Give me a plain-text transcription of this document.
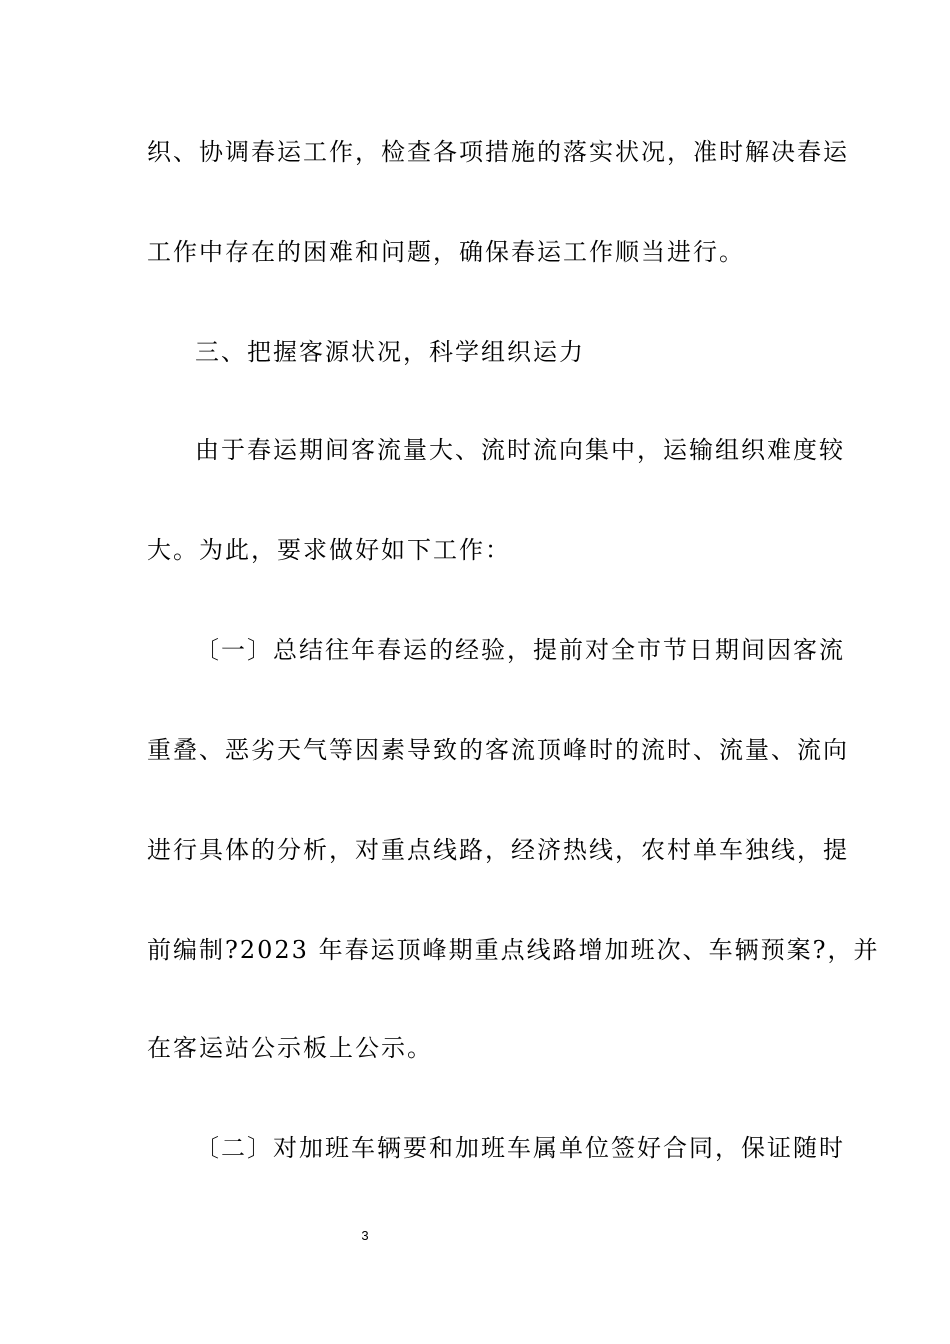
织、协调春运工作，检查各项措施的落实状况，准时解决春运
工作中存在的困难和问题，确保春运工作顺当进行。
三、把握客源状况，科学组织运力
由于春运期间客流量大、流时流向集中，运输组织难度较
大。为此，要求做好如下工作：
〔一〕总结往年春运的经验，提前对全市节日期间因客流
重叠、恶劣天气等因素导致的客流顶峰时的流时、流量、流向
进行具体的分析，对重点线路，经济热线，农村单车独线，提
前编制?2023 年春运顶峰期重点线路增加班次、车辆预案?，并
在客运站公示板上公示。
〔二〕对加班车辆要和加班车属单位签好合同，保证随时
3
